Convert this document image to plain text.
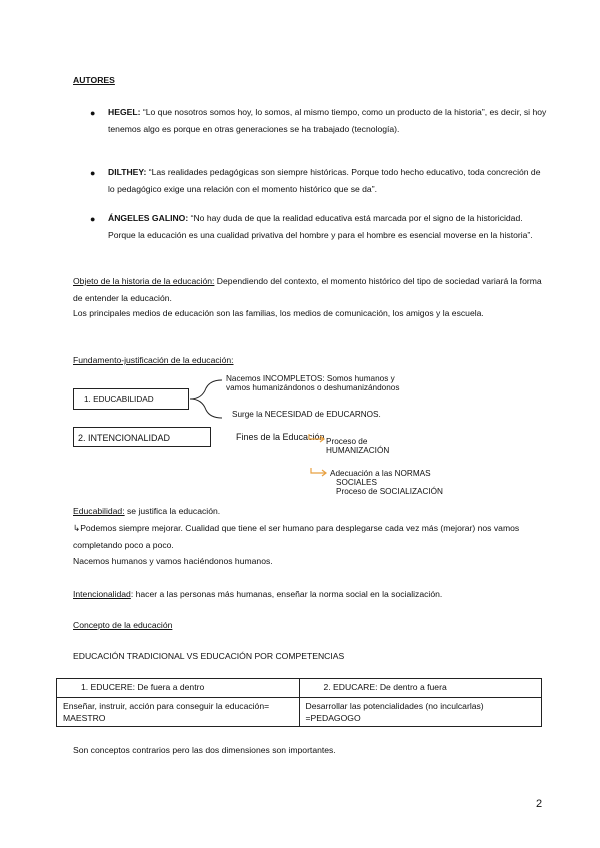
AUTORES
● HEGEL: “Lo que nosotros somos hoy, lo somos, al mismo tiempo, como un producto de la historia”, es decir, si hoy tenemos algo es porque en otras generaciones se ha trabajado (tecnología).
● DILTHEY: “Las realidades pedagógicas son siempre históricas. Porque todo hecho educativo, toda concreción de lo pedagógico exige una relación con el momento histórico que se da”.
● ÁNGELES GALINO: “No hay duda de que la realidad educativa está marcada por el signo de la historicidad. Porque la educación es una cualidad privativa del hombre y para el hombre es esencial moverse en la historia”.
Objeto de la historia de la educación: Dependiendo del contexto, el momento histórico del tipo de sociedad variará la forma de entender la educación.
Los principales medios de educación son las familias, los medios de comunicación, los amigos y la escuela.
Fundamento-justificación de la educación:
1. EDUCABILIDAD
Nacemos INCOMPLETOS: Somos humanos y
vamos humanizándonos o deshumanizándonos
Surge la NECESIDAD de EDUCARNOS.
2. INTENCIONALIDAD	Fines de la Educación Proceso de
HUMANIZACIÓN
Adecuación a las NORMAS
SOCIALES
Proceso de SOCIALIZACIÓN
Educabilidad: se justifica la educación.
↳Podemos siempre mejorar. Cualidad que tiene el ser humano para desplegarse cada vez más (mejorar) nos vamos completando poco a poco.
Nacemos humanos y vamos haciéndonos humanos.
Intencionalidad: hacer a las personas más humanas, enseñar la norma social en la socialización.
Concepto de la educación
EDUCACIÓN TRADICIONAL VS EDUCACIÓN POR COMPETENCIAS
1. EDUCERE: De fuera a dentro	2. EDUCARE: De dentro a fuera
Enseñar, instruir, acción para conseguir la educación= MAESTRO	Desarrollar las potencialidades (no inculcarlas) =PEDAGOGO
Son conceptos contrarios pero las dos dimensiones son importantes.
2
